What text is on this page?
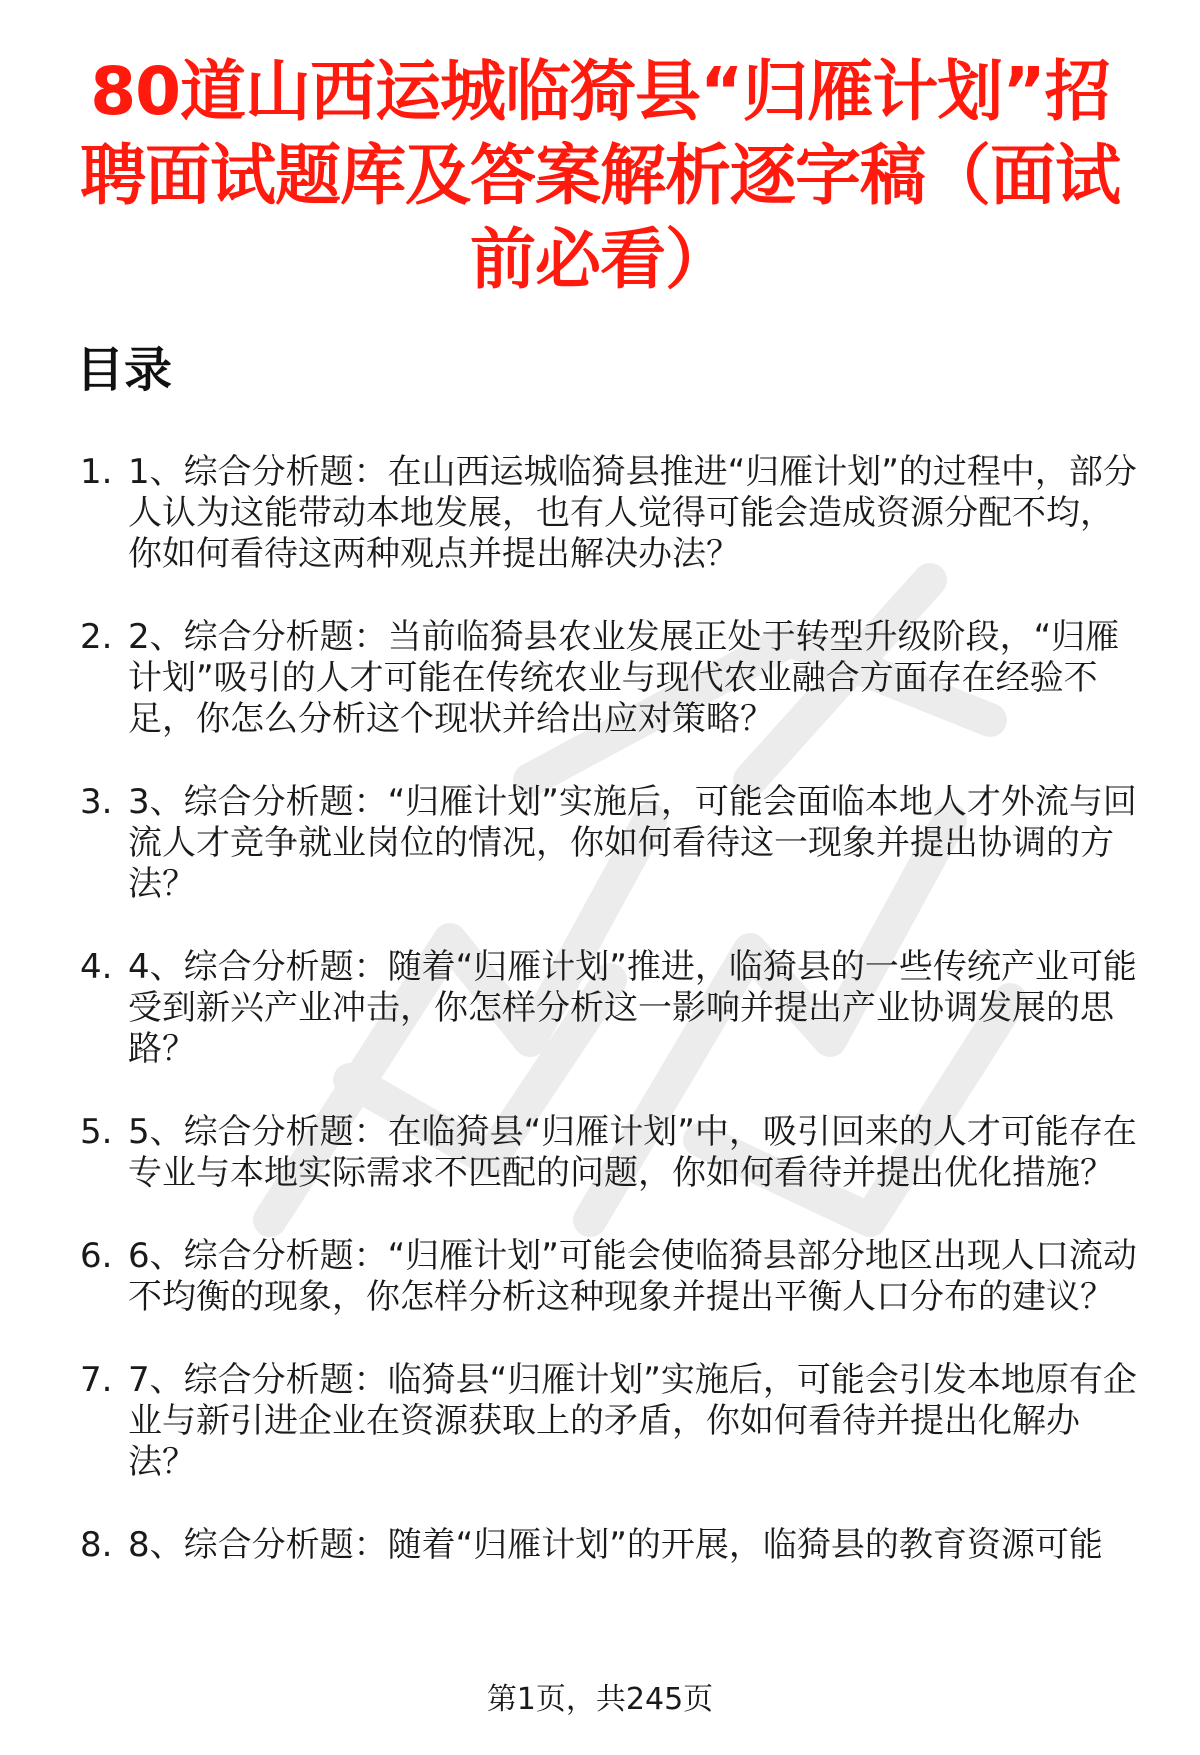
80道山西运城临猗县“归雁计划”招聘面试题库及答案解析逐字稿（面试前必看）
目录
1. 1、综合分析题：在山西运城临猗县推进“归雁计划”的过程中，部分人认为这能带动本地发展，也有人觉得可能会造成资源分配不均，你如何看待这两种观点并提出解决办法？
2. 2、综合分析题：当前临猗县农业发展正处于转型升级阶段，“归雁计划”吸引的人才可能在传统农业与现代农业融合方面存在经验不足，你怎么分析这个现状并给出应对策略？
3. 3、综合分析题：“归雁计划”实施后，可能会面临本地人才外流与回流人才竞争就业岗位的情况，你如何看待这一现象并提出协调的方法？
4. 4、综合分析题：随着“归雁计划”推进，临猗县的一些传统产业可能受到新兴产业冲击，你怎样分析这一影响并提出产业协调发展的思路？
5. 5、综合分析题：在临猗县“归雁计划”中，吸引回来的人才可能存在专业与本地实际需求不匹配的问题，你如何看待并提出优化措施？
6. 6、综合分析题：“归雁计划”可能会使临猗县部分地区出现人口流动不均衡的现象，你怎样分析这种现象并提出平衡人口分布的建议？
7. 7、综合分析题：临猗县“归雁计划”实施后，可能会引发本地原有企业与新引进企业在资源获取上的矛盾，你如何看待并提出化解办法？
8. 8、综合分析题：随着“归雁计划”的开展，临猗县的教育资源可能
第1页，共245页
